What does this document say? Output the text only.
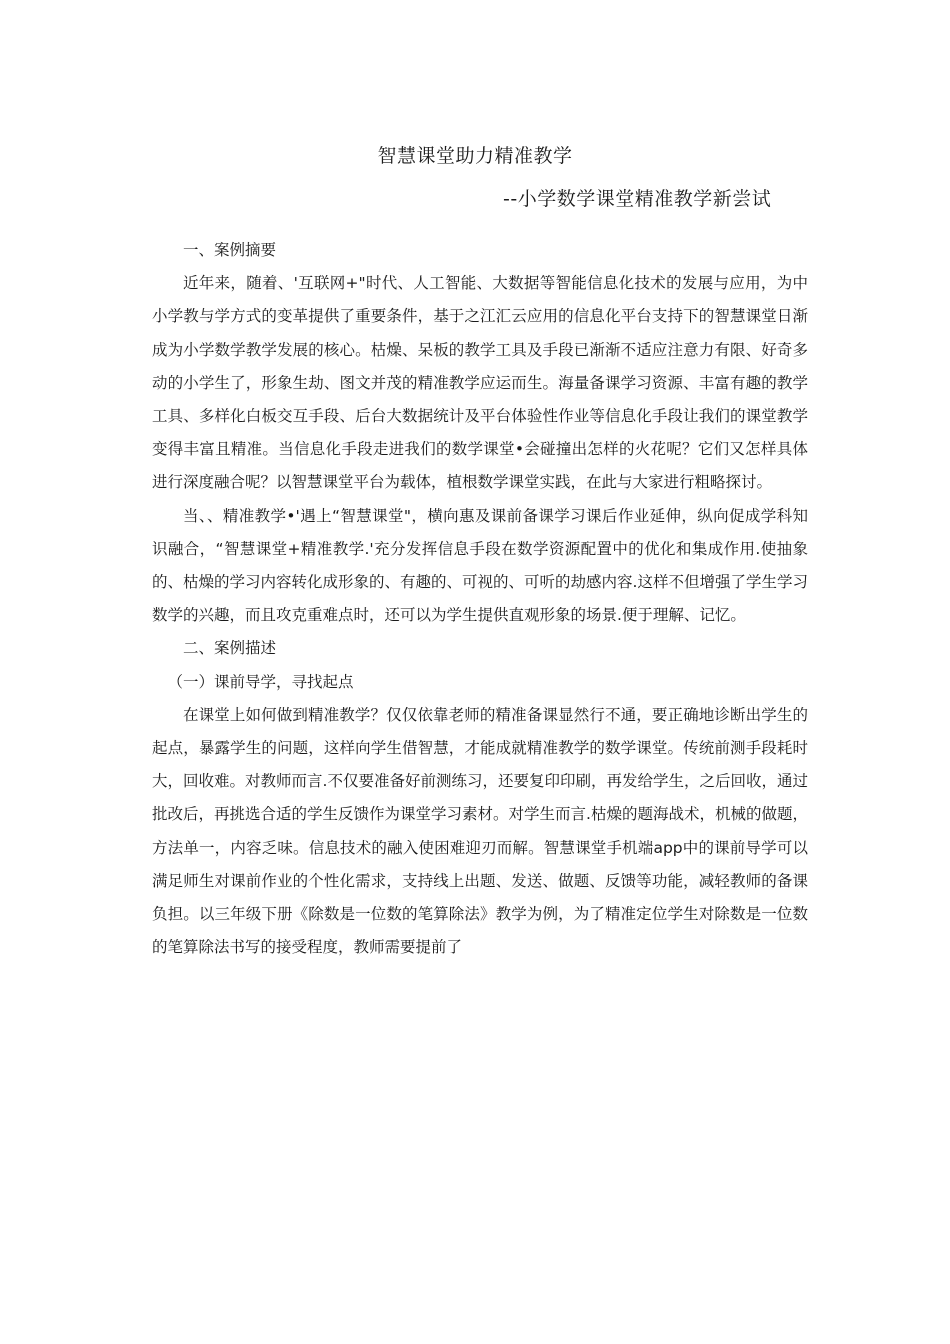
智慧课堂助力精准教学
--小学数学课堂精准教学新尝试

一、案例摘要

近年来，随着、'互联网+"时代、人工智能、大数据等智能信息化技术的发展与应用，为中小学教与学方式的变革提供了重要条件，基于之江汇云应用的信息化平台支持下的智慧课堂日渐成为小学数学教学发展的核心。枯燥、呆板的教学工具及手段已渐渐不适应注意力有限、好奇多动的小学生了，形象生劫、图文并茂的精准教学应运而生。海量备课学习资源、丰富有趣的教学工具、多样化白板交互手段、后台大数据统计及平台体验性作业等信息化手段让我们的课堂教学变得丰富且精准。当信息化手段走进我们的数学课堂•会碰撞出怎样的火花呢？它们又怎样具体进行深度融合呢？以智慧课堂平台为载体，植根数学课堂实践，在此与大家进行粗略探讨。

当、、精准教学•'遇上“智慧课堂"，横向惠及课前备课学习课后作业延伸，纵向促成学科知识融合，“智慧课堂+精准教学.'充分发挥信息手段在数学资源配置中的优化和集成作用.使抽象的、枯燥的学习内容转化成形象的、有趣的、可视的、可听的劫感内容.这样不但增强了学生学习数学的兴趣，而且攻克重难点时，还可以为学生提供直观形象的场景.便于理解、记忆。

二、案例描述

（一）课前导学，寻找起点

在课堂上如何做到精准教学？仅仅依靠老师的精准备课显然行不通，要正确地诊断出学生的起点，暴露学生的问题，这样向学生借智慧，才能成就精准教学的数学课堂。传统前测手段耗时大，回收难。对教师而言.不仅要准备好前测练习，还要复印印刷，再发给学生，之后回收，通过批改后，再挑选合适的学生反馈作为课堂学习素材。对学生而言.枯燥的题海战术，机械的做题，方法单一，内容乏味。信息技术的融入使困难迎刃而解。智慧课堂手机端app中的课前导学可以满足师生对课前作业的个性化需求，支持线上出题、发送、做题、反馈等功能，减轻教师的备课负担。以三年级下册《除数是一位数的笔算除法》教学为例，为了精准定位学生对除数是一位数的笔算除法书写的接受程度，教师需要提前了
